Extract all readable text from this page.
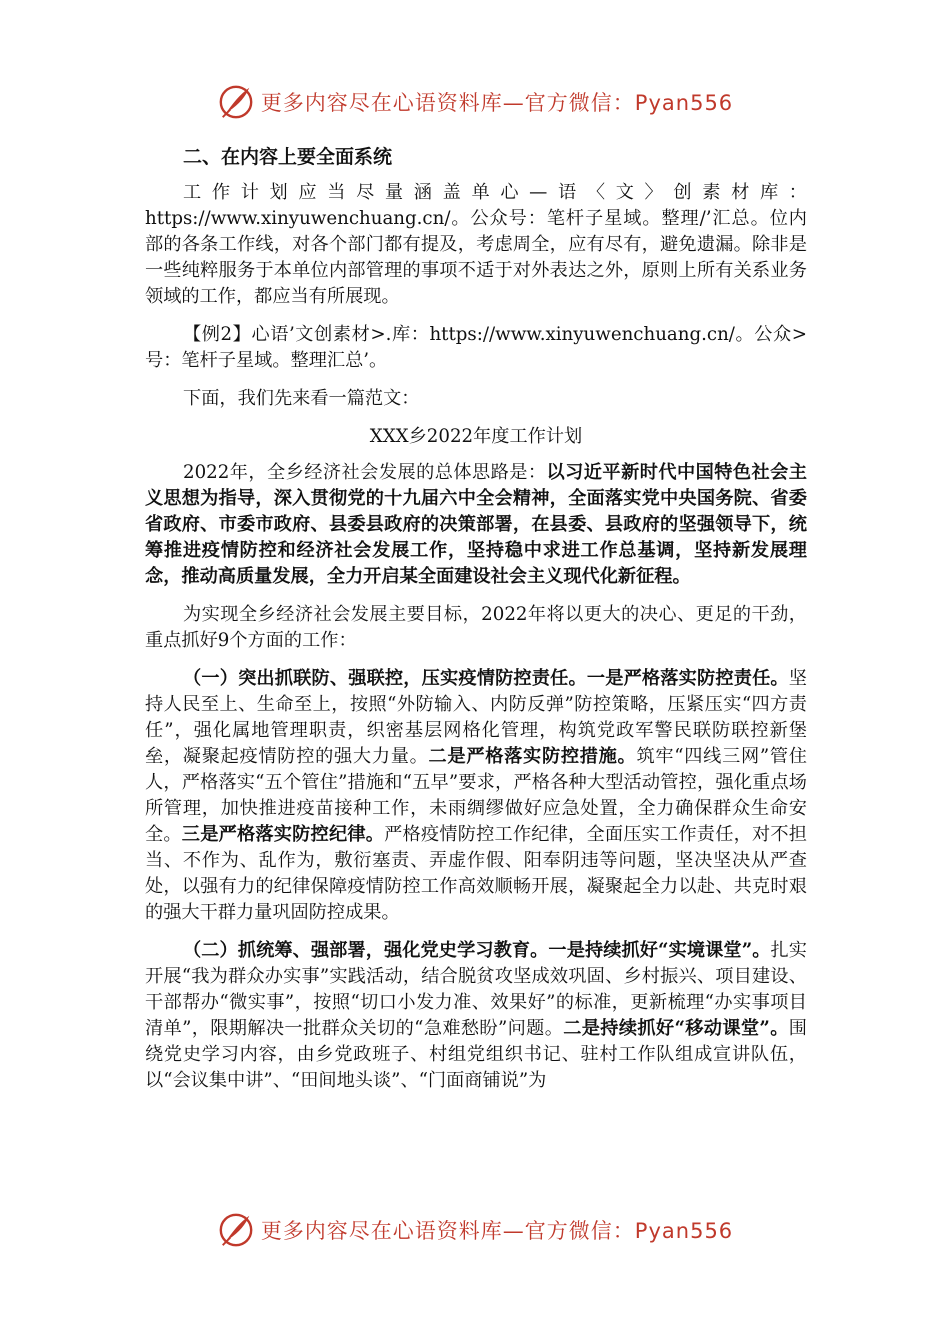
更多内容尽在心语资料库—官方微信：Pyan556
二、在内容上要全面系统
工作计划应当尽量涵盖单心—语〈文〉创素材库：https://www.xinyuwenchuang.cn/。公众号：笔杆子星域。整理/’汇总。位内部的各条工作线，对各个部门都有提及，考虑周全，应有尽有，避免遗漏。除非是一些纯粹服务于本单位内部管理的事项不适于对外表达之外，原则上所有关系业务领域的工作，都应当有所展现。
【例2】心语’文创素材>.库：https://www.xinyuwenchuang.cn/。公众>号：笔杆子星域。整理汇总’。
下面，我们先来看一篇范文：
XXX乡2022年度工作计划
2022年，全乡经济社会发展的总体思路是：以习近平新时代中国特色社会主义思想为指导，深入贯彻党的十九届六中全会精神，全面落实党中央国务院、省委省政府、市委市政府、县委县政府的决策部署，在县委、县政府的坚强领导下，统筹推进疫情防控和经济社会发展工作，坚持稳中求进工作总基调，坚持新发展理念，推动高质量发展，全力开启某全面建设社会主义现代化新征程。
为实现全乡经济社会发展主要目标，2022年将以更大的决心、更足的干劲，重点抓好9个方面的工作：
（一）突出抓联防、强联控，压实疫情防控责任。一是严格落实防控责任。坚持人民至上、生命至上，按照“外防输入、内防反弹”防控策略，压紧压实“四方责任”，强化属地管理职责，织密基层网格化管理，构筑党政军警民联防联控新堡垒，凝聚起疫情防控的强大力量。二是严格落实防控措施。筑牢“四线三网”管住人，严格落实“五个管住”措施和“五早”要求，严格各种大型活动管控，强化重点场所管理，加快推进疫苗接种工作，未雨绸缪做好应急处置，全力确保群众生命安全。三是严格落实防控纪律。严格疫情防控工作纪律，全面压实工作责任，对不担当、不作为、乱作为，敷衍塞责、弄虚作假、阳奉阴违等问题，坚决坚决从严查处，以强有力的纪律保障疫情防控工作高效顺畅开展，凝聚起全力以赴、共克时艰的强大干群力量巩固防控成果。
（二）抓统筹、强部署，强化党史学习教育。一是持续抓好“实境课堂”。扎实开展“我为群众办实事”实践活动，结合脱贫攻坚成效巩固、乡村振兴、项目建设、干部帮办“微实事”，按照“切口小发力准、效果好”的标准，更新梳理“办实事项目清单”，限期解决一批群众关切的“急难愁盼”问题。二是持续抓好“移动课堂”。围绕党史学习内容，由乡党政班子、村组党组织书记、驻村工作队组成宣讲队伍，以“会议集中讲”、“田间地头谈”、“门面商铺说”为
更多内容尽在心语资料库—官方微信：Pyan556
